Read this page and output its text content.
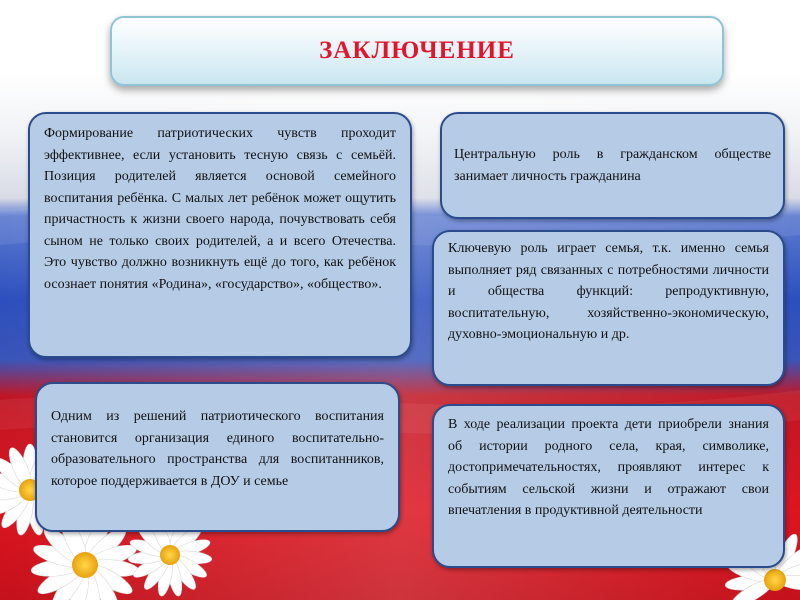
ЗАКЛЮЧЕНИЕ
Формирование патриотических чувств проходит эффективнее, если установить тесную связь с семьёй. Позиция родителей является основой семейного воспитания ребёнка. С малых лет ребёнок может ощутить причастность к жизни своего народа, почувствовать себя сыном не только своих родителей, а и всего Отечества. Это чувство должно возникнуть ещё до того, как ребёнок осознает понятия «Родина», «государство», «общество».
Центральную роль в гражданском обществе занимает личность гражданина
Ключевую роль играет семья, т.к. именно семья выполняет ряд связанных с потребностями личности и общества функций: репродуктивную, воспитательную, хозяйственно-экономическую, духовно-эмоциональную и др.
Одним из решений патриотического воспитания становится организация единого воспитательно-образовательного пространства для воспитанников, которое поддерживается в ДОУ и семье
В ходе реализации проекта дети приобрели знания об истории родного села, края, символике, достопримечательностях, проявляют интерес к событиям сельской жизни и отражают свои впечатления в продуктивной деятельности
